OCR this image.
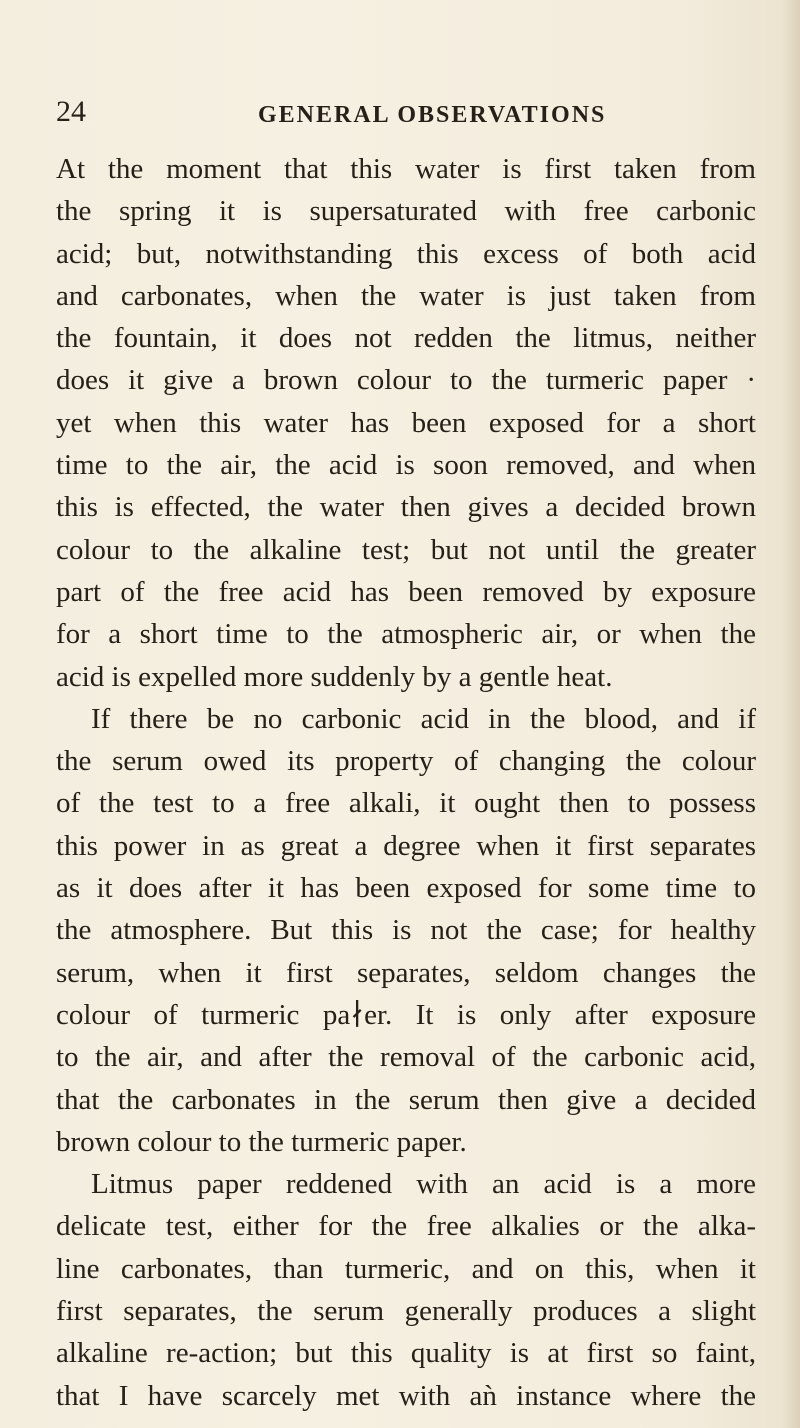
24	GENERAL OBSERVATIONS
At the moment that this water is first taken from
the spring it is supersaturated with free carbonic
acid; but, notwithstanding this excess of both acid
and carbonates, when the water is just taken from
the fountain, it does not redden the litmus, neither
does it give a brown colour to the turmeric paper ·
yet when this water has been exposed for a short
time to the air, the acid is soon removed, and when
this is effected, the water then gives a decided brown
colour to the alkaline test; but not until the greater
part of the free acid has been removed by exposure
for a short time to the atmospheric air, or when the
acid is expelled more suddenly by a gentle heat.
If there be no carbonic acid in the blood, and if
the serum owed its property of changing the colour
of the test to a free alkali, it ought then to possess
this power in as great a degree when it first separates
as it does after it has been exposed for some time to
the atmosphere. But this is not the case; for healthy
serum, when it first separates, seldom changes the
colour of turmeric pa∤er. It is only after exposure
to the air, and after the removal of the carbonic acid,
that the carbonates in the serum then give a decided
brown colour to the turmeric paper.
Litmus paper reddened with an acid is a more
delicate test, either for the free alkalies or the alka-
line carbonates, than turmeric, and on this, when it
first separates, the serum generally produces a slight
alkaline re-action; but this quality is at first so faint,
that I have scarcely met with aǹ instance where the
